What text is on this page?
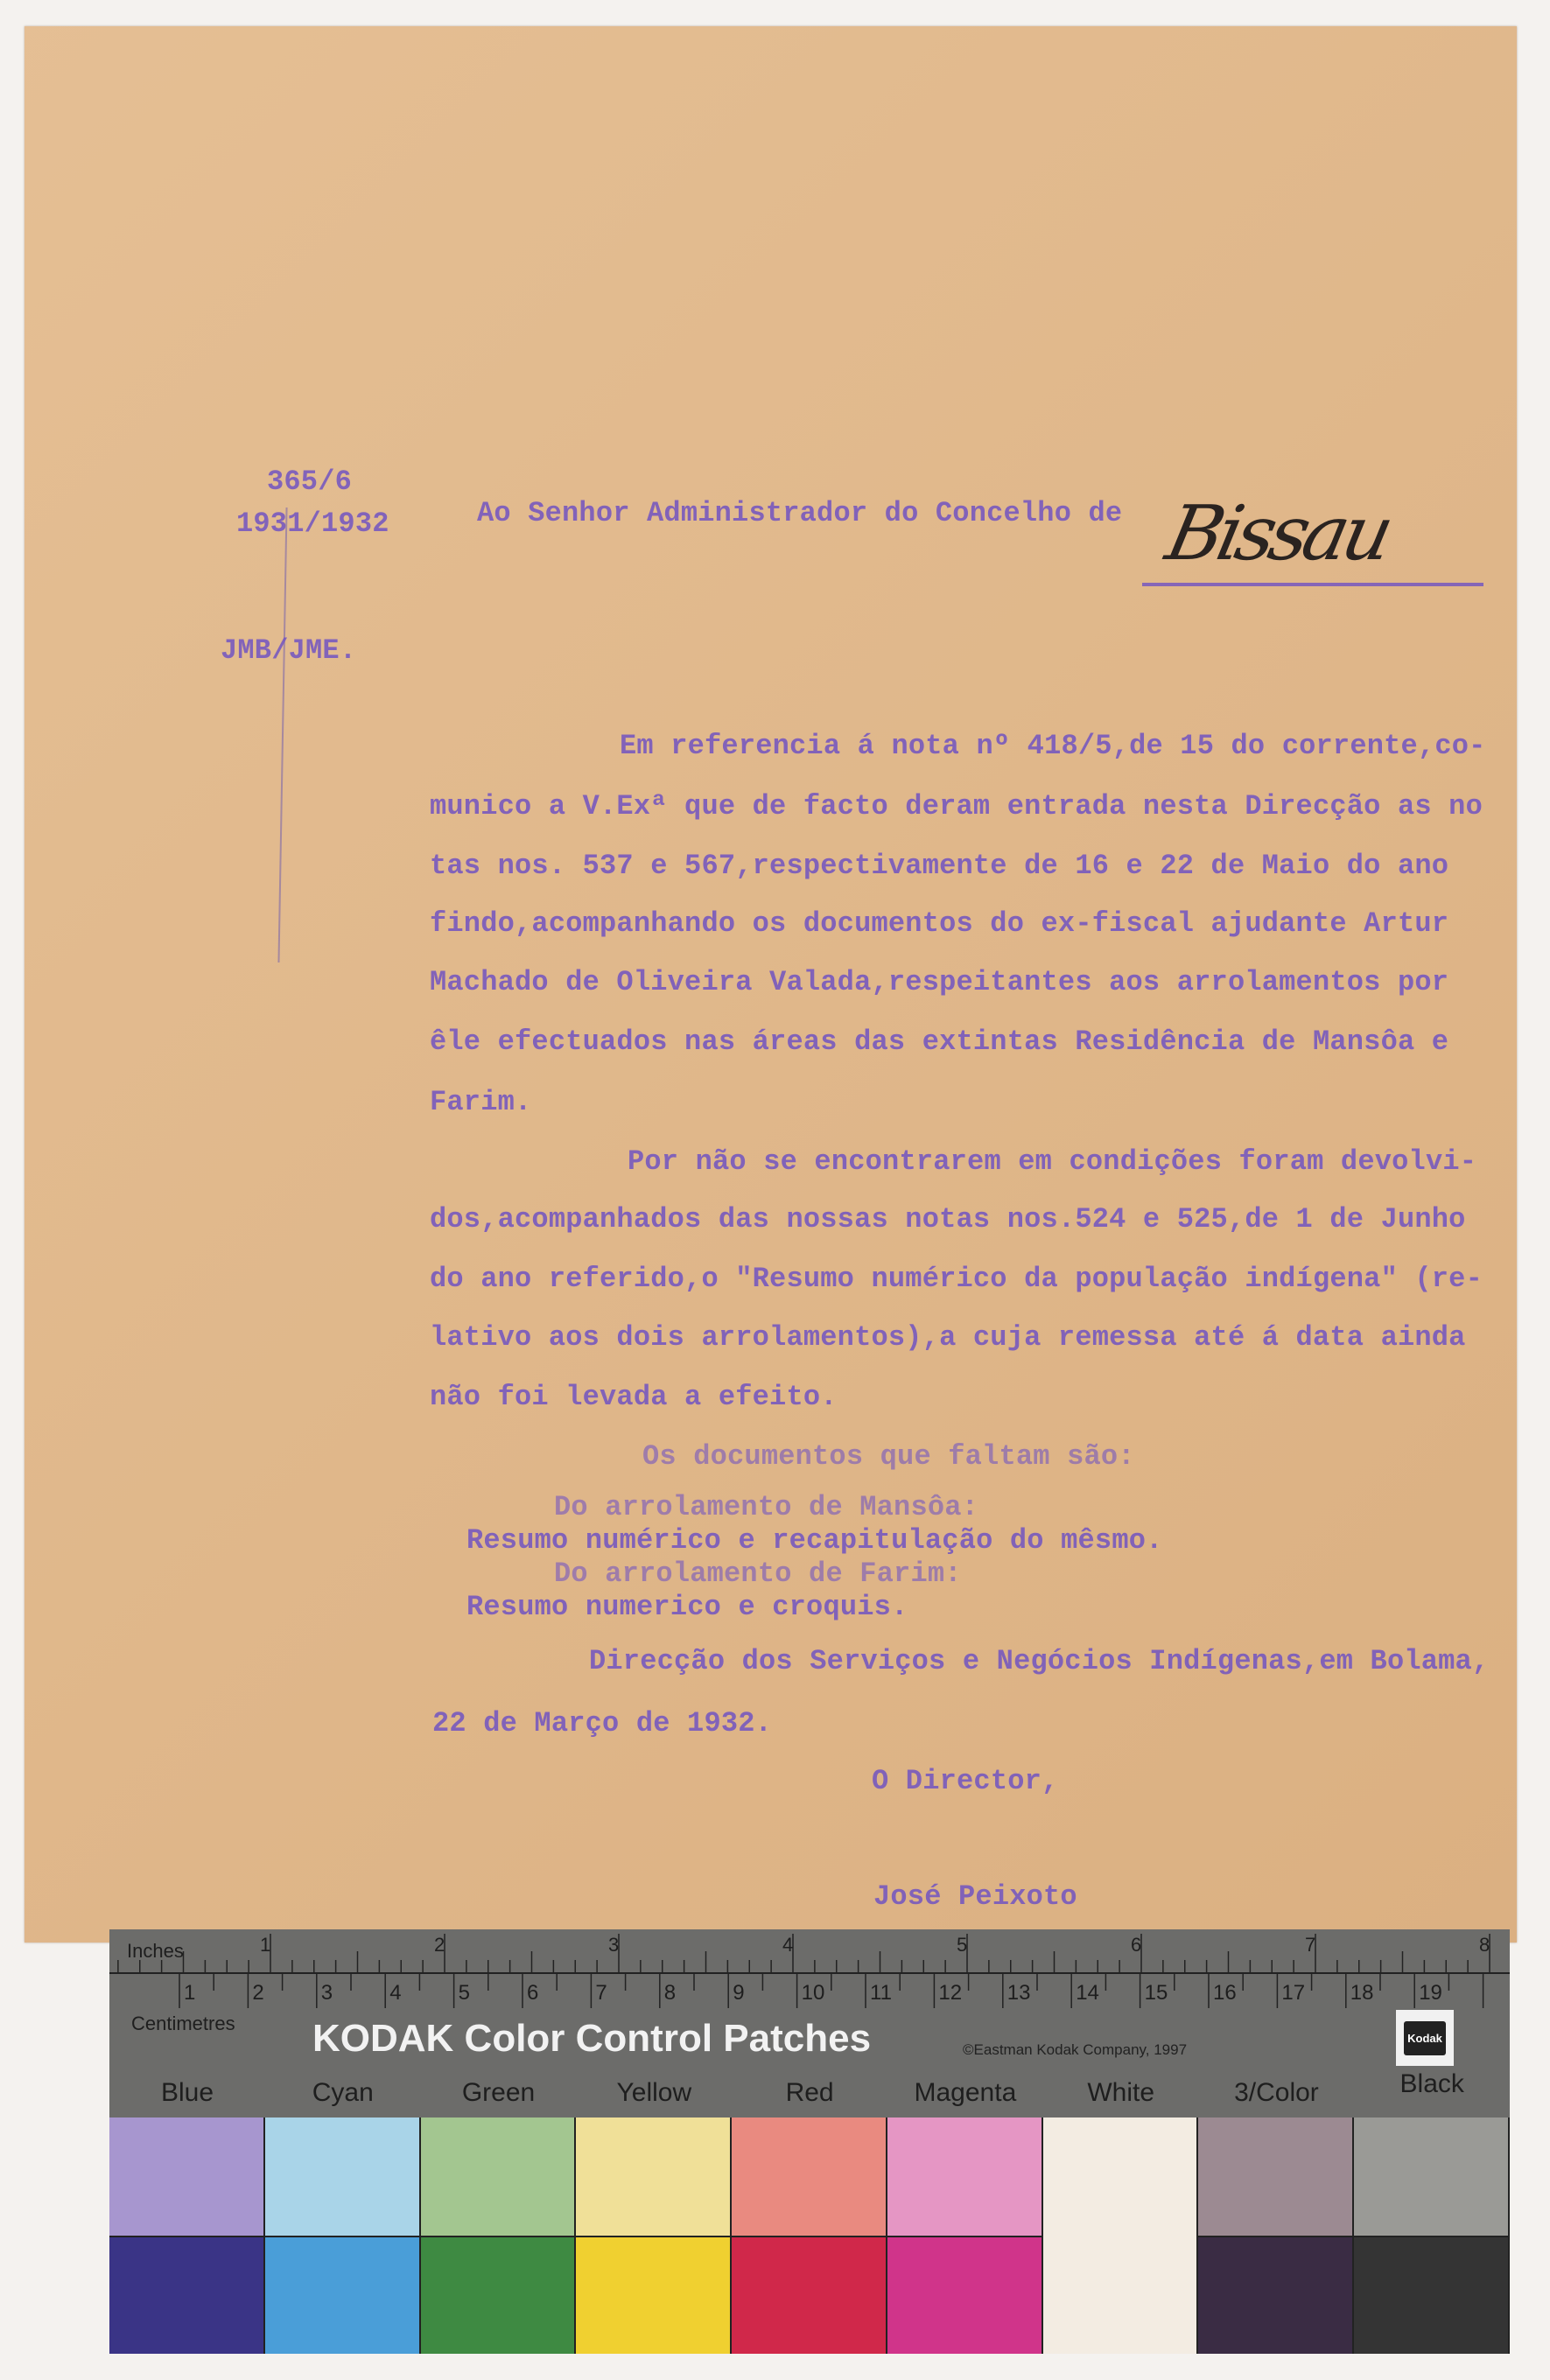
365/6
1931/1932	Ao Senhor Administrador do Concelho de Bissau
JMB/JME.
Em referencia á nota nº 418/5,de 15 do corrente,co-
munico a V.Exª que de facto deram entrada nesta Direcção as no
tas nos. 537 e 567,respectivamente de 16 e 22 de Maio do ano
findo,acompanhando os documentos do ex-fiscal ajudante Artur
Machado de Oliveira Valada,respeitantes aos arrolamentos por
êle efectuados nas áreas das extintas Residência de Mansôa e
Farim.
Por não se encontrarem em condições foram devolvi-
dos,acompanhados das nossas notas nos.524 e 525,de 1 de Junho
do ano referido,o "Resumo numérico da população indígena" (re-
lativo aos dois arrolamentos),a cuja remessa até á data ainda
não foi levada a efeito.
Os documentos que faltam são:
Do arrolamento de Mansôa:
Resumo numérico e recapitulação do mêsmo.
Do arrolamento de Farim:
Resumo numerico e croquis.
Direcção dos Serviços e Negócios Indígenas,em Bolama,
22 de Março de 1932.
O Director,
José Peixoto
1	2	3	4	5	6	7	8
1	2	3	4	5	6	7	8	9	10 11 12 13 14 15 16 17 18 19
Inches
Centimetres KODAK Color Control Patches	©Eastman Kodak Company, 1997
Kodak
Blue	Cyan	Green	Yellow	Red	Magenta	White	3/Color	Black
